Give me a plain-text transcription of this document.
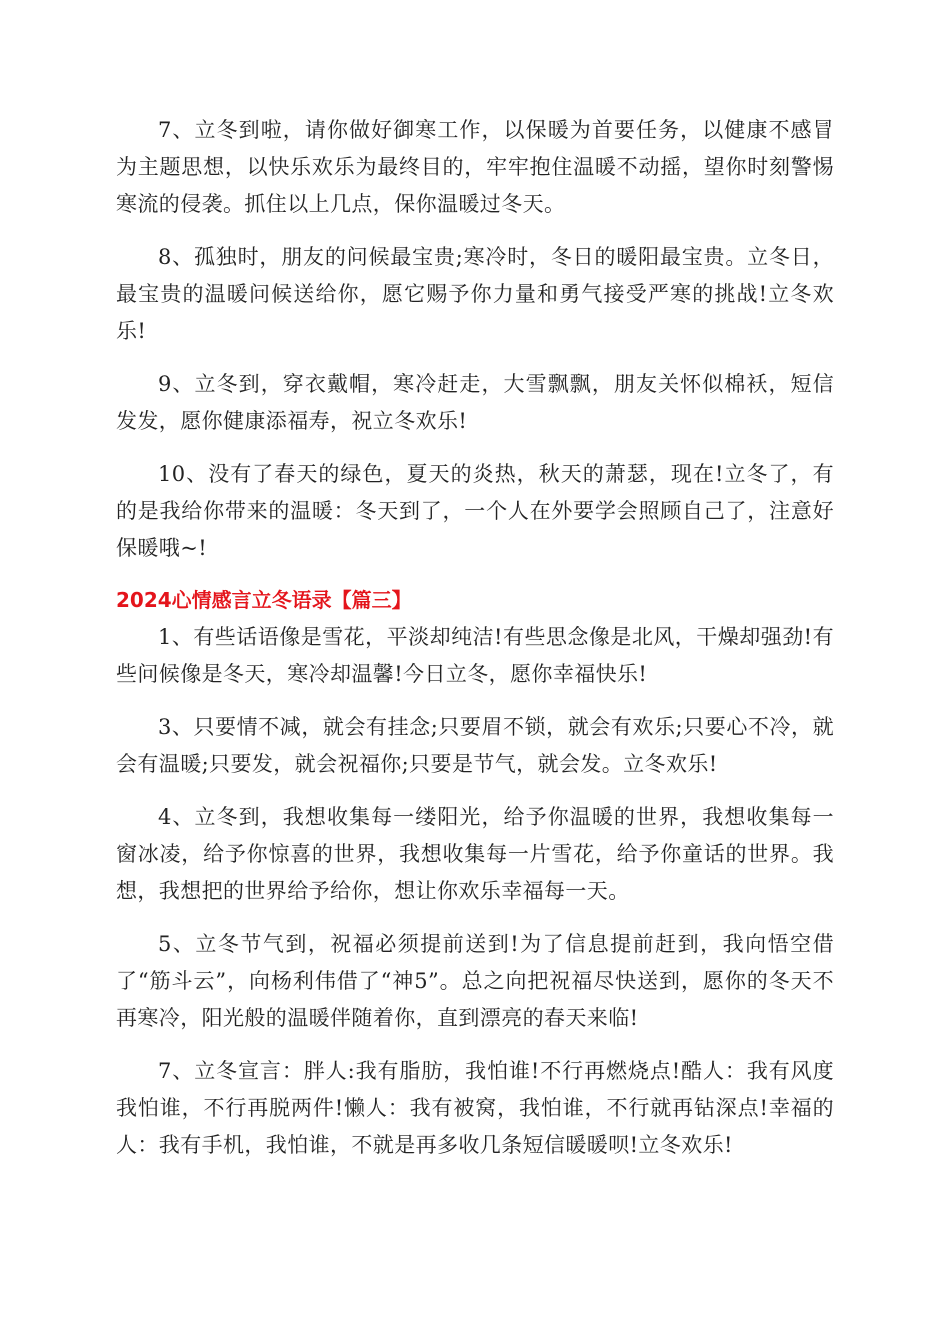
7、立冬到啦，请你做好御寒工作，以保暖为首要任务，以健康不感冒为主题思想，以快乐欢乐为最终目的，牢牢抱住温暖不动摇，望你时刻警惕寒流的侵袭。抓住以上几点，保你温暖过冬天。

8、孤独时，朋友的问候最宝贵;寒冷时，冬日的暖阳最宝贵。立冬日，最宝贵的温暖问候送给你，愿它赐予你力量和勇气接受严寒的挑战!立冬欢乐!

9、立冬到，穿衣戴帽，寒冷赶走，大雪飘飘，朋友关怀似棉袄，短信发发，愿你健康添福寿，祝立冬欢乐!

10、没有了春天的绿色，夏天的炎热，秋天的萧瑟，现在!立冬了，有的是我给你带来的温暖：冬天到了，一个人在外要学会照顾自己了，注意好保暖哦~!

2024心情感言立冬语录【篇三】

1、有些话语像是雪花，平淡却纯洁!有些思念像是北风，干燥却强劲!有些问候像是冬天，寒冷却温馨!今日立冬，愿你幸福快乐!

3、只要情不减，就会有挂念;只要眉不锁，就会有欢乐;只要心不冷，就会有温暖;只要发，就会祝福你;只要是节气，就会发。立冬欢乐!

4、立冬到，我想收集每一缕阳光，给予你温暖的世界，我想收集每一窗冰凌，给予你惊喜的世界，我想收集每一片雪花，给予你童话的世界。我想，我想把的世界给予给你，想让你欢乐幸福每一天。

5、立冬节气到，祝福必须提前送到!为了信息提前赶到，我向悟空借了“筋斗云”，向杨利伟借了“神5”。总之向把祝福尽快送到，愿你的冬天不再寒冷，阳光般的温暖伴随着你，直到漂亮的春天来临!

7、立冬宣言：胖人:我有脂肪，我怕谁!不行再燃烧点!酷人：我有风度我怕谁，不行再脱两件!懒人：我有被窝，我怕谁，不行就再钻深点!幸福的人：我有手机，我怕谁，不就是再多收几条短信暖暖呗!立冬欢乐!
